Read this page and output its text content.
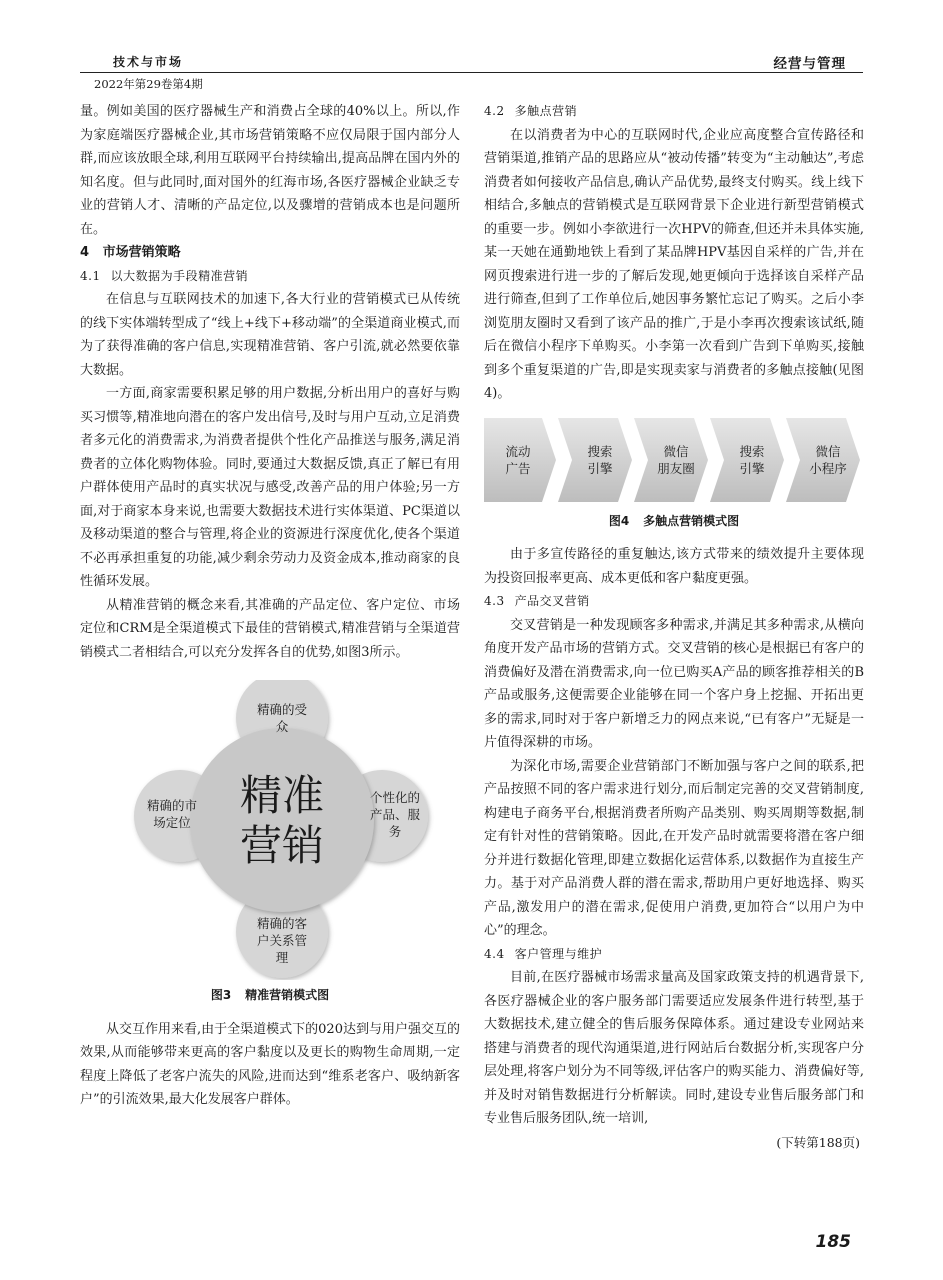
技术与市场	经营与管理
2022年第29卷第4期

量。例如美国的医疗器械生产和消费占全球的40%以上。所以,作为家庭端医疗器械企业,其市场营销策略不应仅局限于国内部分人群,而应该放眼全球,利用互联网平台持续输出,提高品牌在国内外的知名度。但与此同时,面对国外的红海市场,各医疗器械企业缺乏专业的营销人才、清晰的产品定位,以及骤增的营销成本也是问题所在。

4 市场营销策略
4.1 以大数据为手段精准营销

在信息与互联网技术的加速下,各大行业的营销模式已从传统的线下实体端转型成了“线上+线下+移动端”的全渠道商业模式,而为了获得准确的客户信息,实现精准营销、客户引流,就必然要依靠大数据。

一方面,商家需要积累足够的用户数据,分析出用户的喜好与购买习惯等,精准地向潜在的客户发出信号,及时与用户互动,立足消费者多元化的消费需求,为消费者提供个性化产品推送与服务,满足消费者的立体化购物体验。同时,要通过大数据反馈,真正了解已有用户群体使用产品时的真实状况与感受,改善产品的用户体验;另一方面,对于商家本身来说,也需要大数据技术进行实体渠道、PC渠道以及移动渠道的整合与管理,将企业的资源进行深度优化,使各个渠道不必再承担重复的功能,减少剩余劳动力及资金成本,推动商家的良性循环发展。

从精准营销的概念来看,其准确的产品定位、客户定位、市场定位和CRM是全渠道模式下最佳的营销模式,精准营销与全渠道营销模式二者相结合,可以充分发挥各自的优势,如图3所示。

精准
营销
精确的受
众
精确的市
场定位
个性化的
产品、服
务
精确的客
户关系管
理
图3 精准营销模式图

从交互作用来看,由于全渠道模式下的020达到与用户强交互的效果,从而能够带来更高的客户黏度以及更长的购物生命周期,一定程度上降低了老客户流失的风险,进而达到“维系老客户、吸纳新客户”的引流效果,最大化发展客户群体。

4.2 多触点营销

在以消费者为中心的互联网时代,企业应高度整合宣传路径和营销渠道,推销产品的思路应从“被动传播”转变为“主动触达”,考虑消费者如何接收产品信息,确认产品优势,最终支付购买。线上线下相结合,多触点的营销模式是互联网背景下企业进行新型营销模式的重要一步。例如小李欲进行一次HPV的筛查,但还并未具体实施,某一天她在通勤地铁上看到了某品牌HPV基因自采样的广告,并在网页搜索进行进一步的了解后发现,她更倾向于选择该自采样产品进行筛查,但到了工作单位后,她因事务繁忙忘记了购买。之后小李浏览朋友圈时又看到了该产品的推广,于是小李再次搜索该试纸,随后在微信小程序下单购买。小李第一次看到广告到下单购买,接触到多个重复渠道的广告,即是实现卖家与消费者的多触点接触(见图4)。

流动
广告
搜索
引擎
微信
朋友圈
搜索
引擎
微信
小程序
图4 多触点营销模式图

由于多宣传路径的重复触达,该方式带来的绩效提升主要体现为投资回报率更高、成本更低和客户黏度更强。

4.3 产品交叉营销

交叉营销是一种发现顾客多种需求,并满足其多种需求,从横向角度开发产品市场的营销方式。交叉营销的核心是根据已有客户的消费偏好及潜在消费需求,向一位已购买A产品的顾客推荐相关的B产品或服务,这便需要企业能够在同一个客户身上挖掘、开拓出更多的需求,同时对于客户新增乏力的网点来说,“已有客户”无疑是一片值得深耕的市场。

为深化市场,需要企业营销部门不断加强与客户之间的联系,把产品按照不同的客户需求进行划分,而后制定完善的交叉营销制度,构建电子商务平台,根据消费者所购产品类别、购买周期等数据,制定有针对性的营销策略。因此,在开发产品时就需要将潜在客户细分并进行数据化管理,即建立数据化运营体系,以数据作为直接生产力。基于对产品消费人群的潜在需求,帮助用户更好地选择、购买产品,激发用户的潜在需求,促使用户消费,更加符合“以用户为中心”的理念。

4.4 客户管理与维护

目前,在医疗器械市场需求量高及国家政策支持的机遇背景下,各医疗器械企业的客户服务部门需要适应发展条件进行转型,基于大数据技术,建立健全的售后服务保障体系。通过建设专业网站来搭建与消费者的现代沟通渠道,进行网站后台数据分析,实现客户分层处理,将客户划分为不同等级,评估客户的购买能力、消费偏好等,并及时对销售数据进行分析解读。同时,建设专业售后服务部门和专业售后服务团队,统一培训,

(下转第188页)
185
